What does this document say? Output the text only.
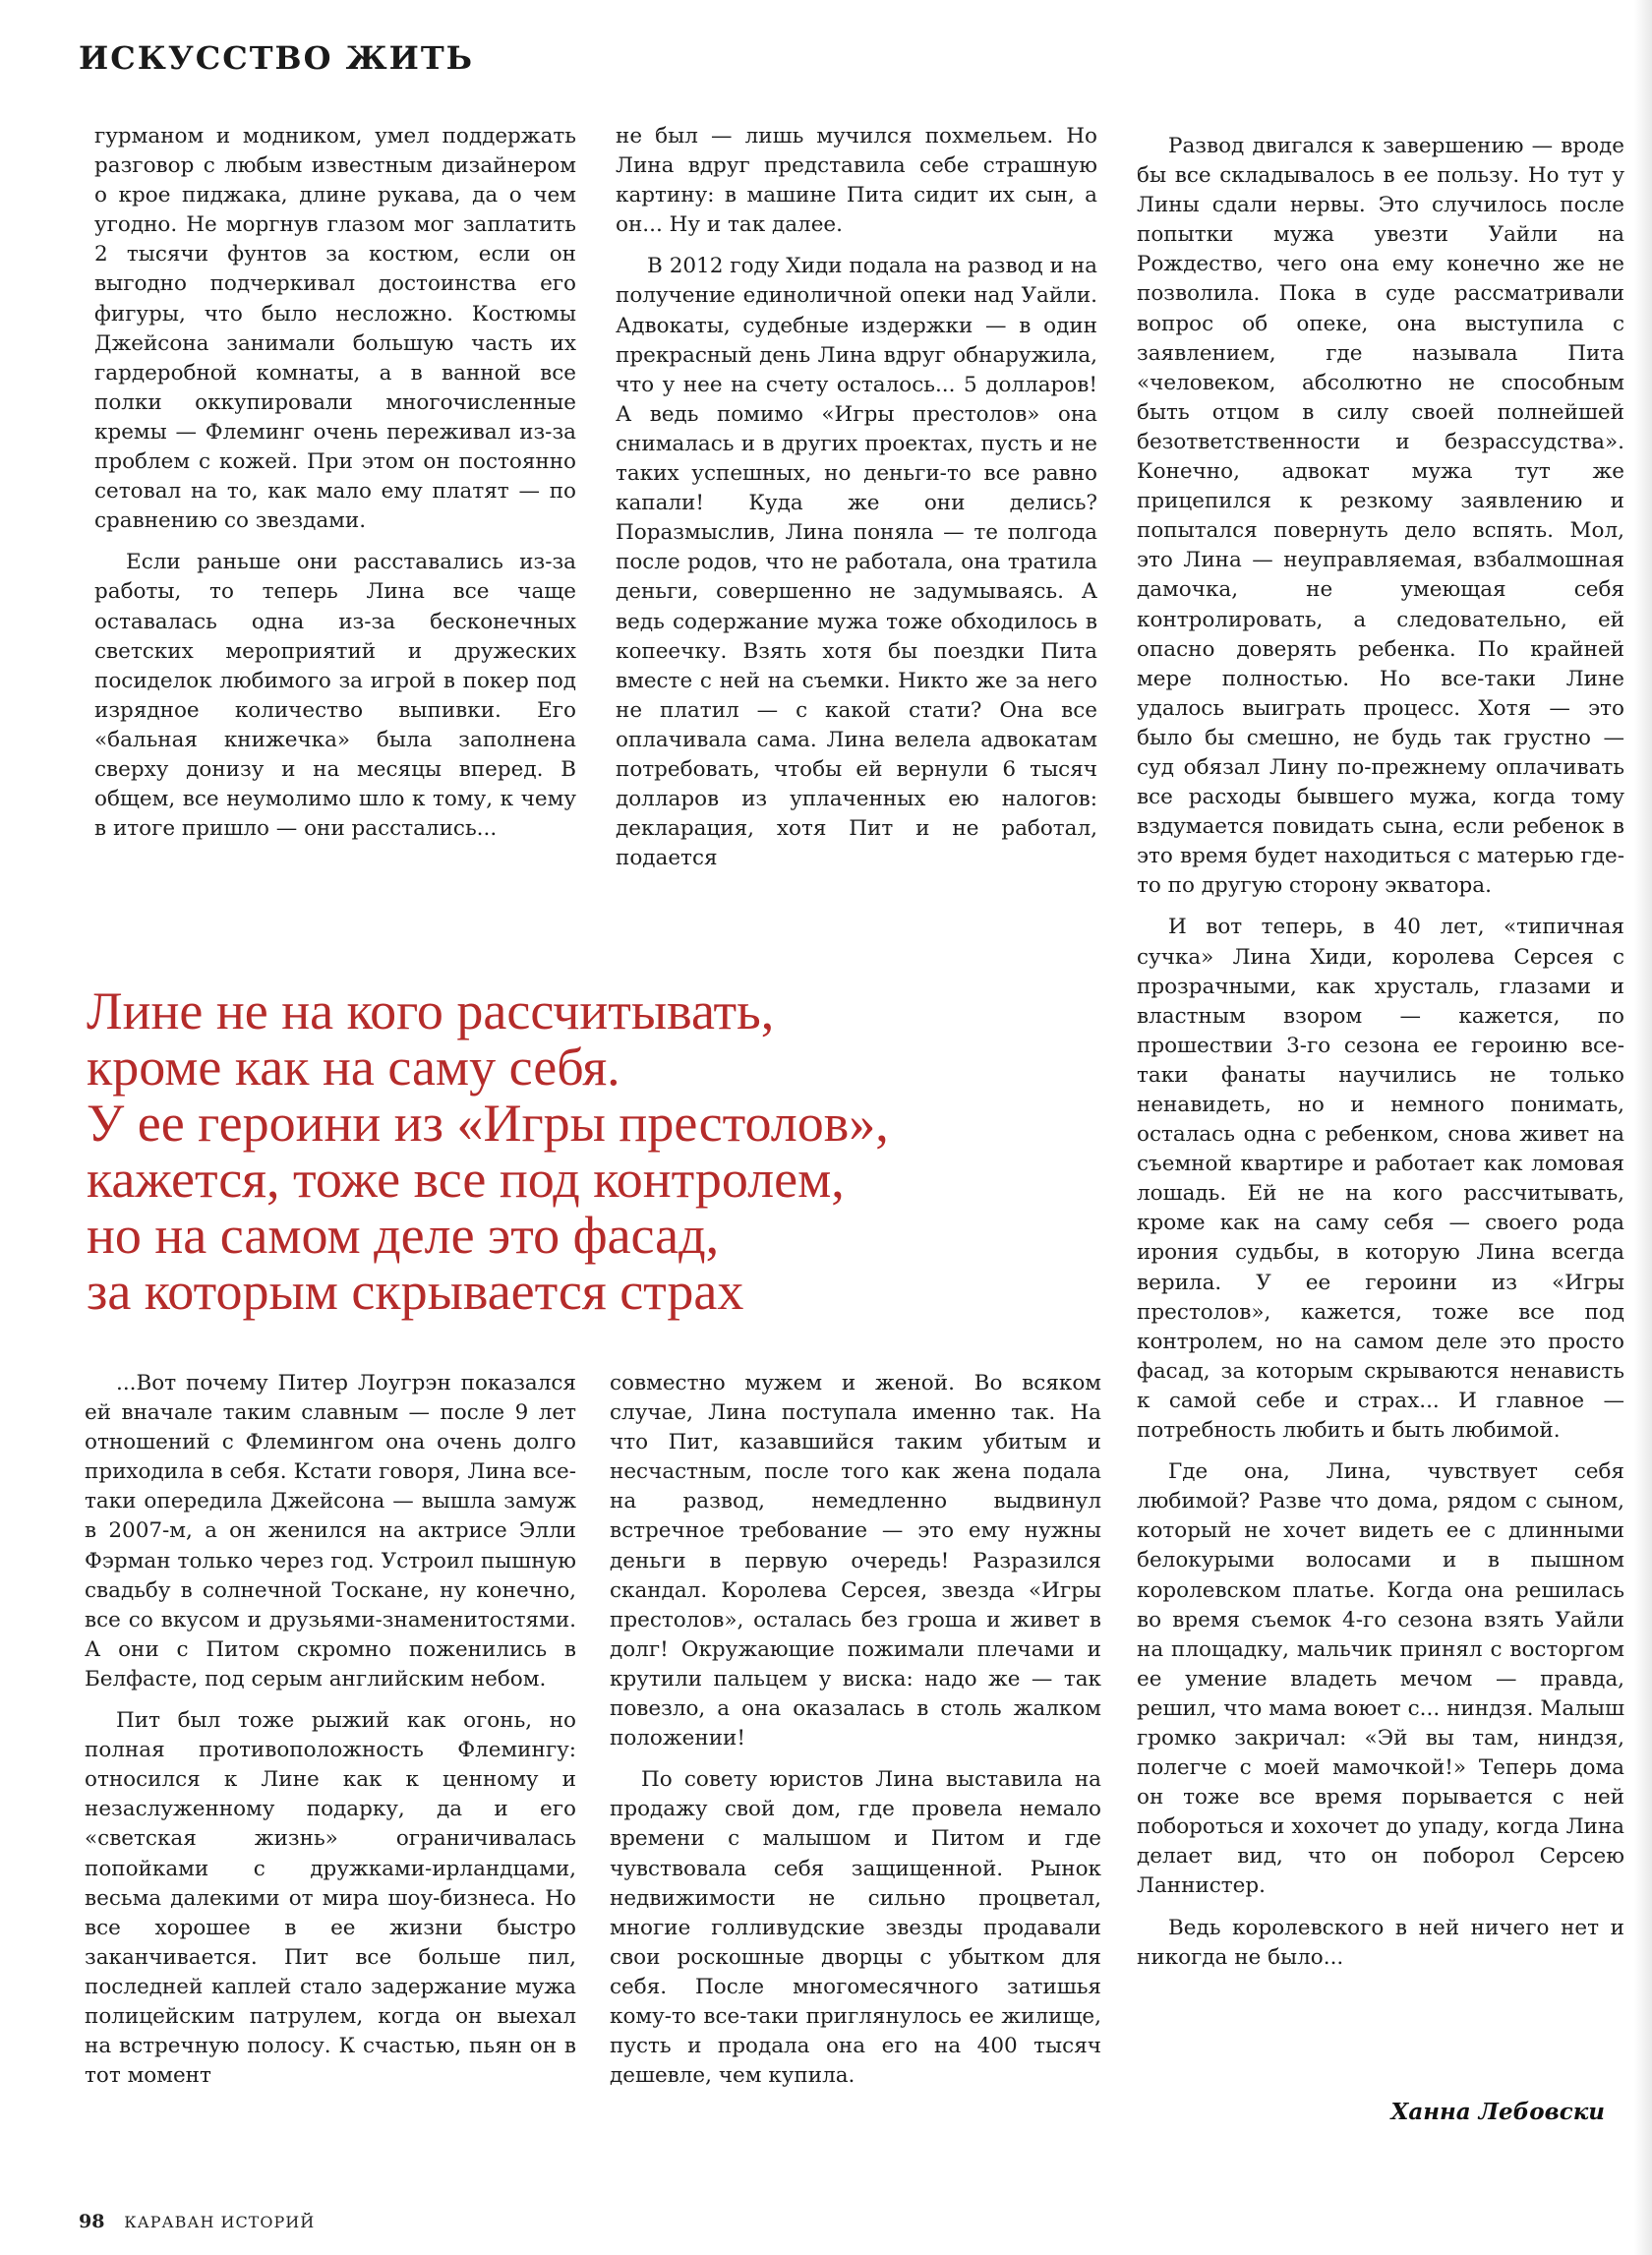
ИСКУССТВО ЖИТЬ

гурманом и модником, умел поддержать разговор с любым известным дизайнером о крое пиджака, длине рукава, да о чем угодно. Не моргнув глазом мог заплатить 2 тысячи фунтов за костюм, если он выгодно подчеркивал достоинства его фигуры, что было несложно. Костюмы Джейсона занимали большую часть их гардеробной комнаты, а в ванной все полки оккупировали многочисленные кремы — Флеминг очень переживал из-за проблем с кожей. При этом он постоянно сетовал на то, как мало ему платят — по сравнению со звездами.

Если раньше они расставались из-за работы, то теперь Лина все чаще оставалась одна из-за бесконечных светских мероприятий и дружеских посиделок любимого за игрой в покер под изрядное количество выпивки. Его «бальная книжечка» была заполнена сверху донизу и на месяцы вперед. В общем, все неумолимо шло к тому, к чему в итоге пришло — они расстались...

не был — лишь мучился похмельем. Но Лина вдруг представила себе страшную картину: в машине Пита сидит их сын, а он... Ну и так далее.

В 2012 году Хиди подала на развод и на получение единоличной опеки над Уайли. Адвокаты, судебные издержки — в один прекрасный день Лина вдруг обнаружила, что у нее на счету осталось... 5 долларов! А ведь помимо «Игры престолов» она снималась и в других проектах, пусть и не таких успешных, но деньги-то все равно капали! Куда же они делись? Поразмыслив, Лина поняла — те полгода после родов, что не работала, она тратила деньги, совершенно не задумываясь. А ведь содержание мужа тоже обходилось в копеечку. Взять хотя бы поездки Пита вместе с ней на съемки. Никто же за него не платил — с какой стати? Она все оплачивала сама. Лина велела адвокатам потребовать, чтобы ей вернули 6 тысяч долларов из уплаченных ею налогов: декларация, хотя Пит и не работал, подается

Развод двигался к завершению — вроде бы все складывалось в ее пользу. Но тут у Лины сдали нервы. Это случилось после попытки мужа увезти Уайли на Рождество, чего она ему конечно же не позволила. Пока в суде рассматривали вопрос об опеке, она выступила с заявлением, где называла Пита «человеком, абсолютно не способным быть отцом в силу своей полнейшей безответственности и безрассудства». Конечно, адвокат мужа тут же прицепился к резкому заявлению и попытался повернуть дело вспять. Мол, это Лина — неуправляемая, взбалмошная дамочка, не умеющая себя контролировать, а следовательно, ей опасно доверять ребенка. По крайней мере полностью. Но все-таки Лине удалось выиграть процесс. Хотя — это было бы смешно, не будь так грустно — суд обязал Лину по-прежнему оплачивать все расходы бывшего мужа, когда тому вздумается повидать сына, если ребенок в это время будет находиться с матерью где-то по другую сторону экватора.

И вот теперь, в 40 лет, «типичная сучка» Лина Хиди, королева Серсея с прозрачными, как хрусталь, глазами и властным взором — кажется, по прошествии 3-го сезона ее героиню все-таки фанаты научились не только ненавидеть, но и немного понимать, осталась одна с ребенком, снова живет на съемной квартире и работает как ломовая лошадь. Ей не на кого рассчитывать, кроме как на саму себя — своего рода ирония судьбы, в которую Лина всегда верила. У ее героини из «Игры престолов», кажется, тоже все под контролем, но на самом деле это просто фасад, за которым скрываются ненависть к самой себе и страх... И главное — потребность любить и быть любимой.

Где она, Лина, чувствует себя любимой? Разве что дома, рядом с сыном, который не хочет видеть ее с длинными белокурыми волосами и в пышном королевском платье. Когда она решилась во время съемок 4-го сезона взять Уайли на площадку, мальчик принял с восторгом ее умение владеть мечом — правда, решил, что мама воюет с... ниндзя. Малыш громко закричал: «Эй вы там, ниндзя, полегче с моей мамочкой!» Теперь дома он тоже все время порывается с ней побороться и хохочет до упаду, когда Лина делает вид, что он поборол Серсею Ланнистер.

Ведь королевского в ней ничего нет и никогда не было...

Лине не на кого рассчитывать,
кроме как на саму себя.
У ее героини из «Игры престолов»,
кажется, тоже все под контролем,
но на самом деле это фасад,
за которым скрывается страх

...Вот почему Питер Лоугрэн показался ей вначале таким славным — после 9 лет отношений с Флемингом она очень долго приходила в себя. Кстати говоря, Лина все-таки опередила Джейсона — вышла замуж в 2007-м, а он женился на актрисе Элли Фэрман только через год. Устроил пышную свадьбу в солнечной Тоскане, ну конечно, все со вкусом и друзьями-знаменитостями. А они с Питом скромно поженились в Белфасте, под серым английским небом.

Пит был тоже рыжий как огонь, но полная противоположность Флемингу: относился к Лине как к ценному и незаслуженному подарку, да и его «светская жизнь» ограничивалась попойками с дружками-ирландцами, весьма далекими от мира шоу-бизнеса. Но все хорошее в ее жизни быстро заканчивается. Пит все больше пил, последней каплей стало задержание мужа полицейским патрулем, когда он выехал на встречную полосу. К счастью, пьян он в тот момент

совместно мужем и женой. Во всяком случае, Лина поступала именно так. На что Пит, казавшийся таким убитым и несчастным, после того как жена подала на развод, немедленно выдвинул встречное требование — это ему нужны деньги в первую очередь! Разразился скандал. Королева Серсея, звезда «Игры престолов», осталась без гроша и живет в долг! Окружающие пожимали плечами и крутили пальцем у виска: надо же — так повезло, а она оказалась в столь жалком положении!

По совету юристов Лина выставила на продажу свой дом, где провела немало времени с малышом и Питом и где чувствовала себя защищенной. Рынок недвижимости не сильно процветал, многие голливудские звезды продавали свои роскошные дворцы с убытком для себя. После многомесячного затишья кому-то все-таки приглянулось ее жилище, пусть и продала она его на 400 тысяч дешевле, чем купила.

Ханна Лебовски
98 КАРАВАН ИСТОРИЙ
